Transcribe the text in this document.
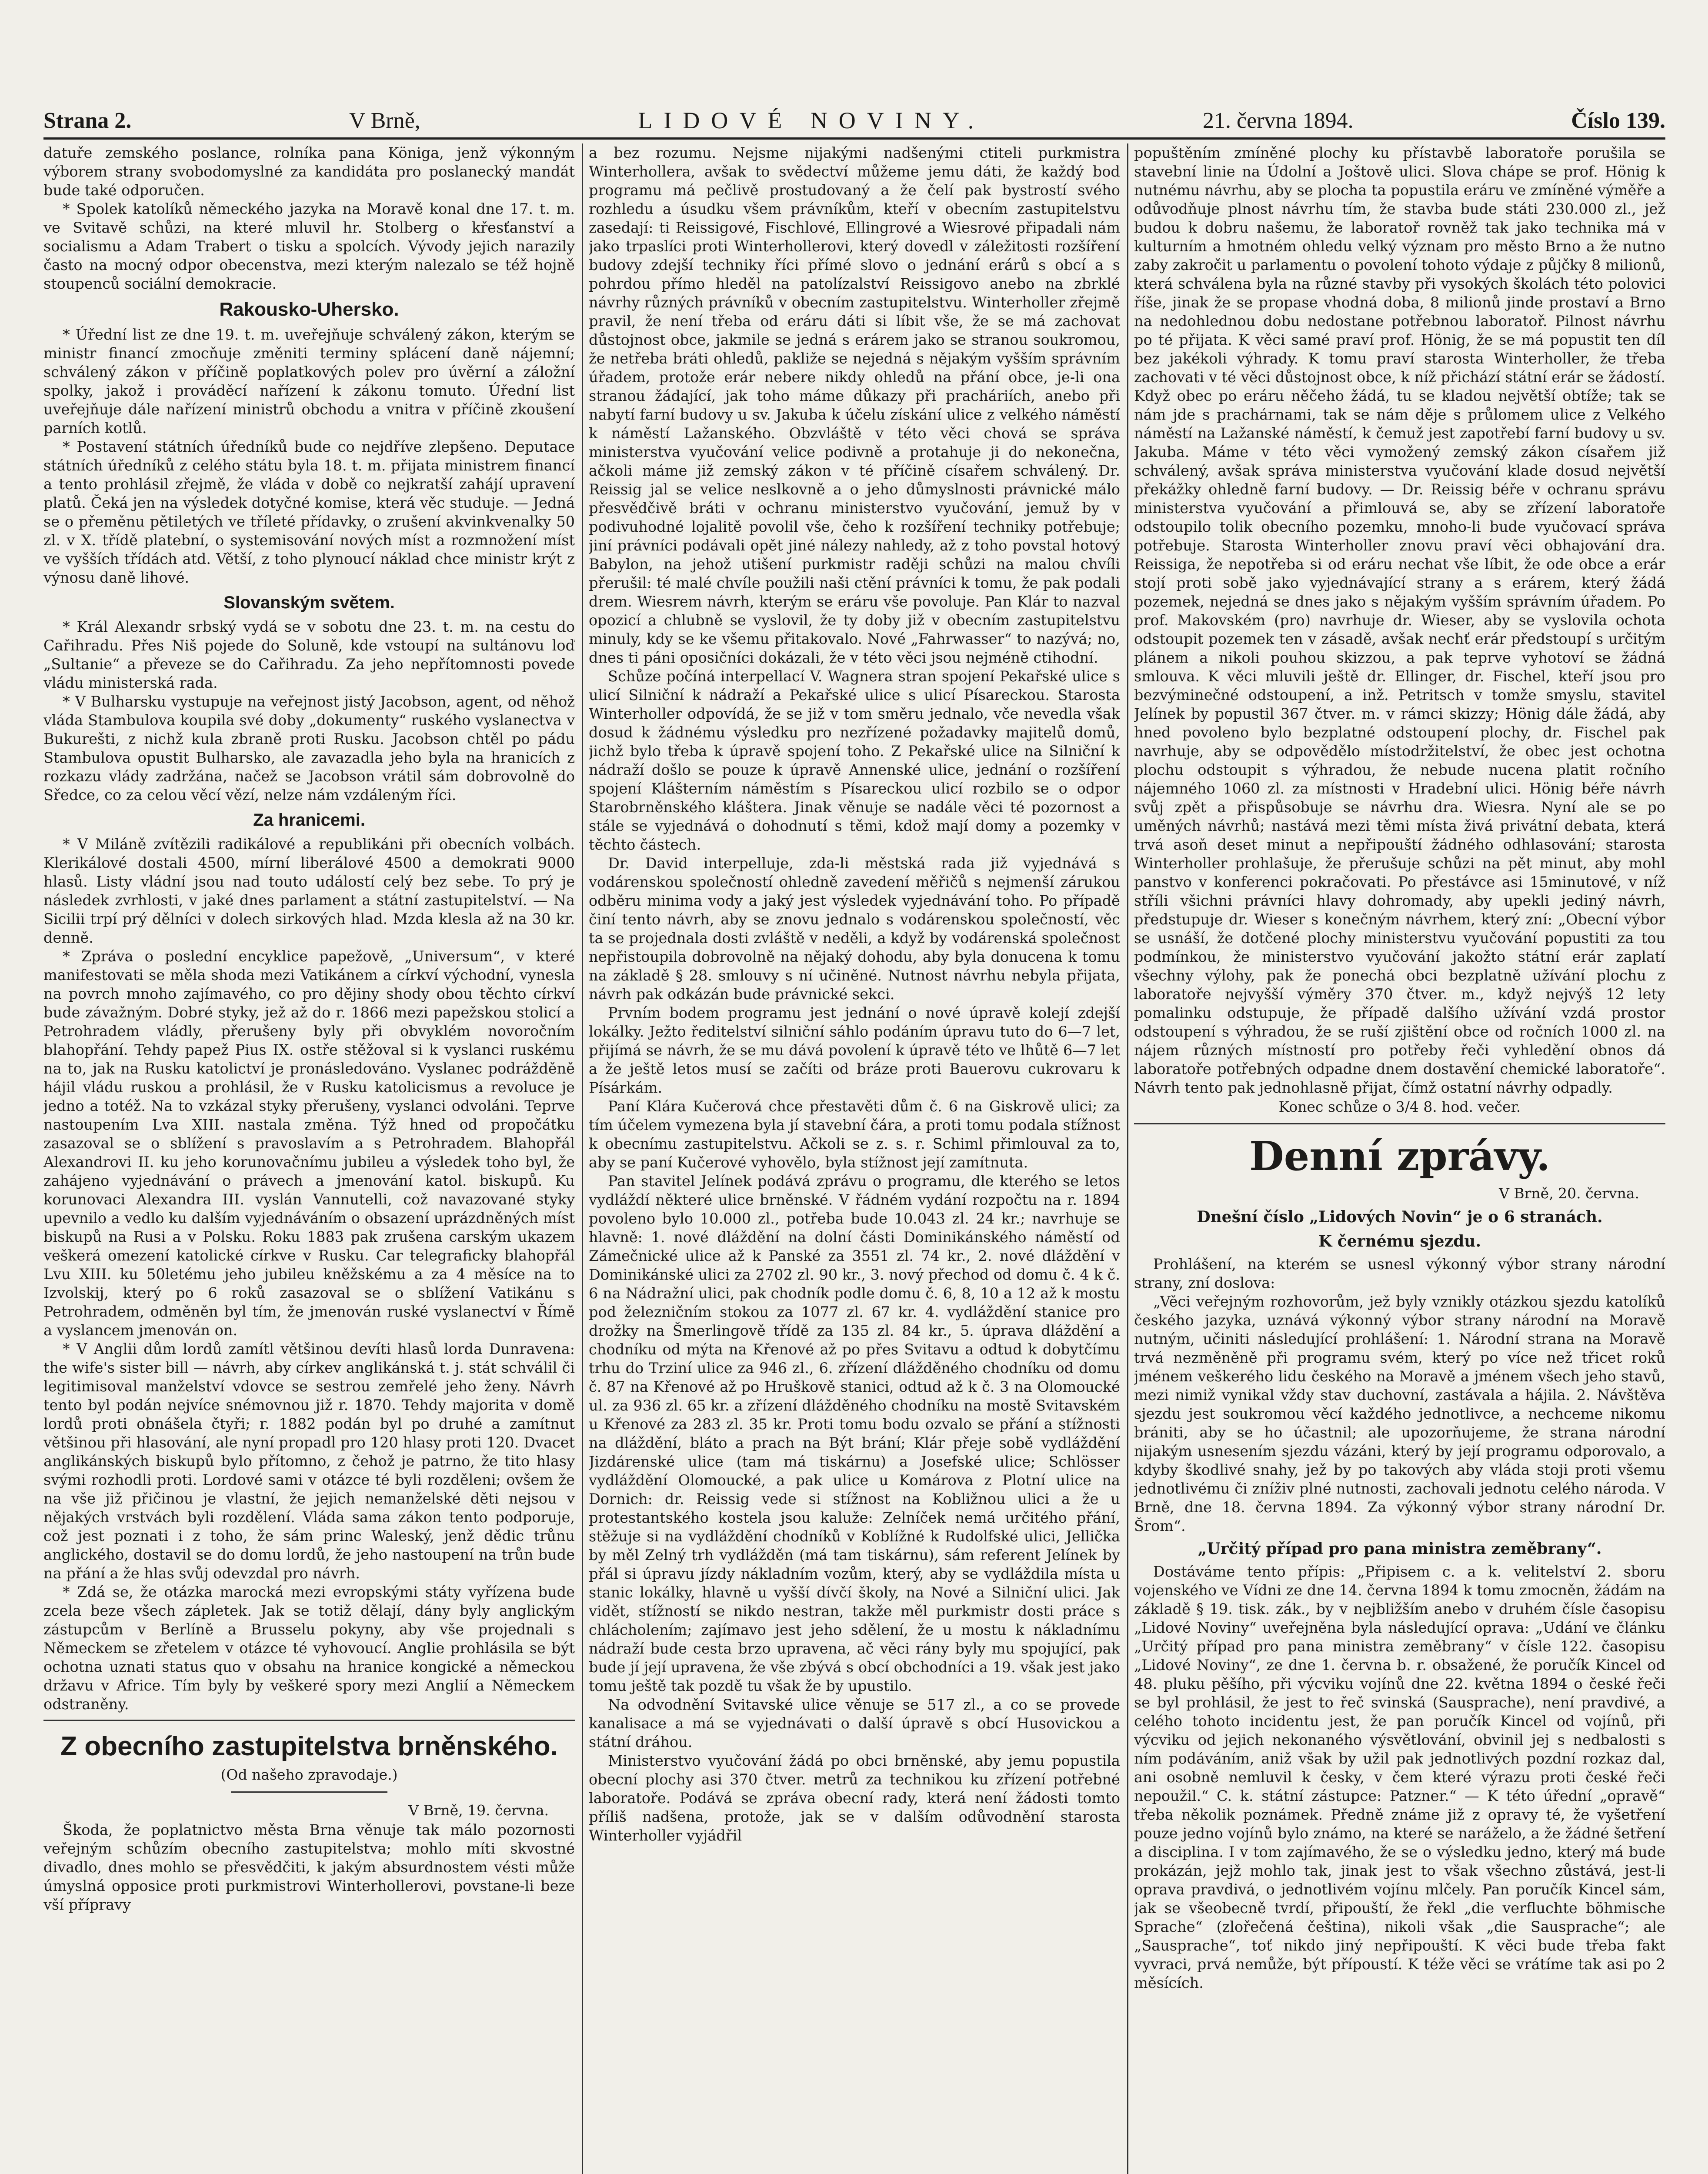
Strana 2.	V Brně,	LIDOVÉ NOVINY.	21. června 1894.	Číslo 139.

datuře zemského poslance, rolníka pana Königa, jenž výkonným výborem strany svobodomyslné za kandidáta pro poslanecký mandát bude také odporučen.

* Spolek katolíků německého jazyka na Moravě konal dne 17. t. m. ve Svitavě schůzi, na které mluvil hr. Stolberg o křesťanství a socialismu a Adam Trabert o tisku a spolcích. Vývody jejich narazily často na mocný odpor obecenstva, mezi kterým nalezalo se též hojně stoupenců sociální demokracie.

Rakousko-Uhersko.

* Úřední list ze dne 19. t. m. uveřejňuje schválený zákon, kterým se ministr financí zmocňuje změniti terminy splácení daně nájemní; schválený zákon v příčině poplatkových polev pro úvěrní a záložní spolky, jakož i prováděcí nařízení k zákonu tomuto. Úřední list uveřejňuje dále nařízení ministrů obchodu a vnitra v příčině zkoušení parních kotlů.

* Postavení státních úředníků bude co nejdříve zlepšeno. Deputace státních úředníků z celého státu byla 18. t. m. přijata ministrem financí a tento prohlásil zřejmě, že vláda v době co nejkratší zahájí upravení platů. Čeká jen na výsledek dotyčné komise, která věc studuje. — Jedná se o přeměnu pětiletých ve tříleté přídavky, o zrušení akvinkvenalky 50 zl. v X. třídě platební, o systemisování nových míst a rozmnožení míst ve vyšších třídách atd. Větší, z toho plynoucí náklad chce ministr krýt z výnosu daně lihové.

Slovanským světem.

* Král Alexandr srbský vydá se v sobotu dne 23. t. m. na cestu do Cařihradu. Přes Niš pojede do Soluně, kde vstoupí na sultánovu loď „Sultanie“ a převeze se do Cařihradu. Za jeho nepřítomnosti povede vládu ministerská rada.

* V Bulharsku vystupuje na veřejnost jistý Jacobson, agent, od něhož vláda Stambulova koupila své doby „dokumenty“ ruského vyslanectva v Bukurešti, z nichž kula zbraně proti Rusku. Jacobson chtěl po pádu Stambulova opustit Bulharsko, ale zavazadla jeho byla na hranicích z rozkazu vlády zadržána, načež se Jacobson vrátil sám dobrovolně do Sředce, co za celou věcí vězí, nelze nám vzdáleným říci.

Za hranicemi.

* V Miláně zvítězili radikálové a republikáni při obecních volbách. Klerikálové dostali 4500, mírní liberálové 4500 a demokrati 9000 hlasů. Listy vládní jsou nad touto událostí celý bez sebe. To prý je následek zvrhlosti, v jaké dnes parlament a státní zastupitelství. — Na Sicilii trpí prý dělníci v dolech sirkových hlad. Mzda klesla až na 30 kr. denně.

* Zpráva o poslední encyklice papežově, „Universum“, v které manifestovati se měla shoda mezi Vatikánem a církví východní, vynesla na povrch mnoho zajímavého, co pro dějiny shody obou těchto církví bude závažným. Dobré styky, jež až do r. 1866 mezi papežskou stolicí a Petrohradem vládly, přerušeny byly při obvyklém novoročním blahopřání. Tehdy papež Pius IX. ostře stěžoval si k vyslanci ruskému na to, jak na Rusku katolictví je pronásledováno. Vyslanec podrážděně hájil vládu ruskou a prohlásil, že v Rusku katolicismus a revoluce je jedno a totéž. Na to vzkázal styky přerušeny, vyslanci odvoláni. Teprve nastoupením Lva XIII. nastala změna. Týž hned od propočátku zasazoval se o sblížení s pravoslavím a s Petrohradem. Blahopřál Alexandrovi II. ku jeho korunovačnímu jubileu a výsledek toho byl, že zahájeno vyjednávání o právech a jmenování katol. biskupů. Ku korunovaci Alexandra III. vyslán Vannutelli, což navazované styky upevnilo a vedlo ku dalším vyjednáváním o obsazení uprázdněných míst biskupů na Rusi a v Polsku. Roku 1883 pak zrušena carským ukazem veškerá omezení katolické církve v Rusku. Car telegraficky blahopřál Lvu XIII. ku 50letému jeho jubileu kněžskému a za 4 měsíce na to Izvolskij, který po 6 roků zasazoval se o sblížení Vatikánu s Petrohradem, odměněn byl tím, že jmenován ruské vyslanectví v Římě a vyslancem jmenován on.

* V Anglii dům lordů zamítl většinou devíti hlasů lorda Dunravena: the wife's sister bill — návrh, aby církev anglikánská t. j. stát schválil či legitimisoval manželství vdovce se sestrou zemřelé jeho ženy. Návrh tento byl podán nejvíce snémovnou již r. 1870. Tehdy majorita v domě lordů proti obnášela čtyři; r. 1882 podán byl po druhé a zamítnut většinou při hlasování, ale nyní propadl pro 120 hlasy proti 120. Dvacet anglikánských biskupů bylo přítomno, z čehož je patrno, že tito hlasy svými rozhodli proti. Lordové sami v otázce té byli rozděleni; ovšem že na vše již přičinou je vlastní, že jejich nemanželské děti nejsou v nějakých vrstvách byli rozdělení. Vláda sama zákon tento podporuje, což jest poznati i z toho, že sám princ Waleský, jenž dědic trůnu anglického, dostavil se do domu lordů, že jeho nastoupení na trůn bude na přání a že hlas svůj odevzdal pro návrh.

* Zdá se, že otázka marocká mezi evropskými státy vyřízena bude zcela beze všech zápletek. Jak se totiž dělají, dány byly anglickým zástupcům v Berlíně a Brusselu pokyny, aby vše projednali s Německem se zřetelem v otázce té vyhovoucí. Anglie prohlásila se být ochotna uznati status quo v obsahu na hranice kongické a německou državu v Africe. Tím byly by veškeré spory mezi Anglií a Německem odstraněny.

Z obecního zastupitelstva brněnského.
(Od našeho zpravodaje.)
V Brně, 19. června.

Škoda, že poplatnictvo města Brna věnuje tak málo pozornosti veřejným schůzím obecního zastupitelstva; mohlo míti skvostné divadlo, dnes mohlo se přesvědčiti, k jakým absurdnostem vésti může úmyslná opposice proti purkmistrovi Winterhollerovi, povstane-li beze vší přípravy

a bez rozumu. Nejsme nijakými nadšenými ctiteli purkmistra Winterhollera, avšak to svědectví můžeme jemu dáti, že každý bod programu má pečlivě prostudovaný a že čelí pak bystrostí svého rozhledu a úsudku všem právníkům, kteří v obecním zastupitelstvu zasedají: ti Reissigové, Fischlové, Ellingrové a Wiesrové připadali nám jako trpaslíci proti Winterhollerovi, který dovedl v záležitosti rozšíření budovy zdejší techniky říci přímé slovo o jednání erárů s obcí a s pohrdou přímo hleděl na patolízalství Reissigovo anebo na zbrklé návrhy různých právníků v obecním zastupitelstvu. Winterholler zřejmě pravil, že není třeba od eráru dáti si líbit vše, že se má zachovat důstojnost obce, jakmile se jedná s erárem jako se stranou soukromou, že netřeba bráti ohledů, pakliže se nejedná s nějakým vyšším správním úřadem, protože erár nebere nikdy ohledů na přání obce, je-li ona stranou žádající, jak toho máme důkazy při pracháriích, anebo při nabytí farní budovy u sv. Jakuba k účelu získání ulice z velkého náměstí k náměstí Lažanského. Obzvláště v této věci chová se správa ministerstva vyučování velice podivně a protahuje ji do nekonečna, ačkoli máme již zemský zákon v té příčině císařem schválený. Dr. Reissig jal se velice neslkovně a o jeho důmyslnosti právnické málo přesvědčivě bráti v ochranu ministerstvo vyučování, jemuž by v podivuhodné lojalitě povolil vše, čeho k rozšíření techniky potřebuje; jiní právníci podávali opět jiné nálezy nahledy, až z toho povstal hotový Babylon, na jehož utišení purkmistr raději schůzi na malou chvíli přerušil: té malé chvíle použili naši ctění právníci k tomu, že pak podali drem. Wiesrem návrh, kterým se eráru vše povoluje. Pan Klár to nazval opozicí a chlubně se vyslovil, že ty doby již v obecním zastupitelstvu minuly, kdy se ke všemu přitakovalo. Nové „Fahrwasser“ to nazývá; no, dnes ti páni oposičníci dokázali, že v této věci jsou nejméně ctihodní.

Schůze počíná interpellací V. Wagnera stran spojení Pekařské ulice s ulicí Silniční k nádraží a Pekařské ulice s ulicí Písareckou. Starosta Winterholler odpovídá, že se již v tom směru jednalo, vče nevedla však dosud k žádnému výsledku pro nezřízené požadavky majitelů domů, jichž bylo třeba k úpravě spojení toho. Z Pekařské ulice na Silniční k nádraží došlo se pouze k úpravě Annenské ulice, jednání o rozšíření spojení Klášterním náměstím s Písareckou ulicí rozbilo se o odpor Starobrněnského kláštera. Jinak věnuje se nadále věci té pozornost a stále se vyjednává o dohodnutí s těmi, kdož mají domy a pozemky v těchto částech.

Dr. David interpelluje, zda-li městská rada již vyjednává s vodárenskou společností ohledně zavedení měřičů s nejmenší zárukou odběru minima vody a jaký jest výsledek vyjednávání toho. Po případě činí tento návrh, aby se znovu jednalo s vodárenskou společností, věc ta se projednala dosti zvláště v neděli, a když by vodárenská společnost nepřistoupila dobrovolně na nějaký dohodu, aby byla donucena k tomu na základě § 28. smlouvy s ní učiněné. Nutnost návrhu nebyla přijata, návrh pak odkázán bude právnické sekci.

Prvním bodem programu jest jednání o nové úpravě kolejí zdejší lokálky. Ježto ředitelství silniční sáhlo podáním úpravu tuto do 6—7 let, přijímá se návrh, že se mu dává povolení k úpravě této ve lhůtě 6—7 let a že ještě letos musí se začíti od bráze proti Bauerovu cukrovaru k Písárkám.

Paní Klára Kučerová chce přestavěti dům č. 6 na Giskrově ulici; za tím účelem vymezena byla jí stavební čára, a proti tomu podala stížnost k obecnímu zastupitelstvu. Ačkoli se z. s. r. Schiml přimlouval za to, aby se paní Kučerové vyhovělo, byla stížnost její zamítnuta.

Pan stavitel Jelínek podává zprávu o programu, dle kterého se letos vydláždí některé ulice brněnské. V řádném vydání rozpočtu na r. 1894 povoleno bylo 10.000 zl., potřeba bude 10.043 zl. 24 kr.; navrhuje se hlavně: 1. nové dláždění na dolní části Dominikánského náměstí od Zámečnické ulice až k Panské za 3551 zl. 74 kr., 2. nové dláždění v Dominikánské ulici za 2702 zl. 90 kr., 3. nový přechod od domu č. 4 k č. 6 na Nádražní ulici, pak chodník podle domu č. 6, 8, 10 a 12 až k mostu pod železničním stokou za 1077 zl. 67 kr. 4. vydláždění stanice pro drožky na Šmerlingově třídě za 135 zl. 84 kr., 5. úprava dláždění a chodníku od mýta na Křenové až po přes Svitavu a odtud k dobytčímu trhu do Trziní ulice za 946 zl., 6. zřízení dlážděného chodníku od domu č. 87 na Křenové až po Hruškově stanici, odtud až k č. 3 na Olomoucké ul. za 936 zl. 65 kr. a zřízení dlážděného chodníku na mostě Svitavském u Křenové za 283 zl. 35 kr. Proti tomu bodu ozvalo se přání a stížnosti na dláždění, bláto a prach na Být brání; Klár přeje sobě vydláždění Jizdárenské ulice (tam má tiskárnu) a Josefské ulice; Schlösser vydláždění Olomoucké, a pak ulice u Komárova z Plotní ulice na Dornich: dr. Reissig vede si stížnost na Kobližnou ulici a že u protestantského kostela jsou kaluže: Zelníček nemá určitého přání, stěžuje si na vydláždění chodníků v Koblížné k Rudolfské ulici, Jellička by měl Zelný trh vydlážděn (má tam tiskárnu), sám referent Jelínek by přál si úpravu jízdy nákladním vozům, který, aby se vydláždila místa u stanic lokálky, hlavně u vyšší dívčí školy, na Nové a Silniční ulici. Jak vidět, stížností se nikdo nestran, takže měl purkmistr dosti práce s chlácholením; zajímavo jest jeho sdělení, že u mostu k nákladnímu nádraží bude cesta brzo upravena, ač věci rány byly mu spojující, pak bude jí její upravena, že vše zbývá s obcí obchodníci a 19. však jest jako tomu ještě tak pozdě tu však že by upustilo.

Na odvodnění Svitavské ulice věnuje se 517 zl., a co se provede kanalisace a má se vyjednávati o další úpravě s obcí Husovickou a státní dráhou.

Ministerstvo vyučování žádá po obci brněnské, aby jemu popustila obecní plochy asi 370 čtver. metrů za technikou ku zřízení potřebné laboratoře. Podává se zpráva obecní rady, která není žádosti tomto příliš nadšena, protože, jak se v dalším odůvodnění starosta Winterholler vyjádřil

popuštěním zmíněné plochy ku přístavbě laboratoře porušila se stavební linie na Údolní a Joštově ulici. Slova chápe se prof. Hönig k nutnému návrhu, aby se plocha ta popustila eráru ve zmíněné výměře a odůvodňuje plnost návrhu tím, že stavba bude státi 230.000 zl., jež budou k dobru našemu, že laboratoř rovněž tak jako technika má v kulturním a hmotném ohledu velký význam pro město Brno a že nutno zaby zakročit u parlamentu o povolení tohoto výdaje z půjčky 8 milionů, která schválena byla na různé stavby při vysokých školách této polovici říše, jinak že se propase vhodná doba, 8 milionů jinde prostaví a Brno na nedohlednou dobu nedostane potřebnou laboratoř. Pilnost návrhu po té přijata. K věci samé praví prof. Hönig, že se má popustit ten díl bez jakékoli výhrady. K tomu praví starosta Winterholler, že třeba zachovati v té věci důstojnost obce, k níž přichází státní erár se žádostí. Když obec po eráru něčeho žádá, tu se kladou největší obtíže; tak se nám jde s prachárnami, tak se nám děje s průlomem ulice z Velkého náměstí na Lažanské náměstí, k čemuž jest zapotřebí farní budovy u sv. Jakuba. Máme v této věci vymožený zemský zákon císařem již schválený, avšak správa ministerstva vyučování klade dosud největší překážky ohledně farní budovy. — Dr. Reissig béře v ochranu správu ministerstva vyučování a přimlouvá se, aby se zřízení laboratoře odstoupilo tolik obecního pozemku, mnoho-li bude vyučovací správa potřebuje. Starosta Winterholler znovu praví věci obhajování dra. Reissiga, že nepotřeba si od eráru nechat vše líbit, že ode obce a erár stojí proti sobě jako vyjednávající strany a s erárem, který žádá pozemek, nejedná se dnes jako s nějakým vyšším správním úřadem. Po prof. Makovském (pro) navrhuje dr. Wieser, aby se vyslovila ochota odstoupit pozemek ten v zásadě, avšak nechť erár předstoupí s určitým plánem a nikoli pouhou skizzou, a pak teprve vyhotoví se žádná smlouva. K věci mluvili ještě dr. Ellinger, dr. Fischel, kteří jsou pro bezvýminečné odstoupení, a inž. Petritsch v tomže smyslu, stavitel Jelínek by popustil 367 čtver. m. v rámci skizzy; Hönig dále žádá, aby hned povoleno bylo bezplatné odstoupení plochy, dr. Fischel pak navrhuje, aby se odpovědělo místodržitelství, že obec jest ochotna plochu odstoupit s výhradou, že nebude nucena platit ročního nájemného 1060 zl. za místnosti v Hradební ulici. Hönig béře návrh svůj zpět a přispůsobuje se návrhu dra. Wiesra. Nyní ale se po uměných návrhů; nastává mezi těmi místa živá privátní debata, která trvá asoň deset minut a nepřipouští žádného odhlasování; starosta Winterholler prohlašuje, že přerušuje schůzi na pět minut, aby mohl panstvo v konferenci pokračovati. Po přestávce asi 15minutové, v níž stříli všichni právníci hlavy dohromady, aby upekli jediný návrh, předstupuje dr. Wieser s konečným návrhem, který zní: „Obecní výbor se usnáší, že dotčené plochy ministerstvu vyučování popustiti za tou podmínkou, že ministerstvo vyučování jakožto státní erár zaplatí všechny výlohy, pak že ponechá obci bezplatně užívání plochu z laboratoře nejvyšší výměry 370 čtver. m., když nejvýš 12 lety pomalinku odstupuje, že případě dalšího užívání vzdá prostor odstoupení s výhradou, že se ruší zjištění obce od ročních 1000 zl. na nájem různých místností pro potřeby řeči vyhledění obnos dá laboratoře potřebných odpadne dnem dostavění chemické laboratoře“. Návrh tento pak jednohlasně přijat, čímž ostatní návrhy odpadly.

Konec schůze o 3/4 8. hod. večer.
Denní zprávy.
V Brně, 20. června.
Dnešní číslo „Lidových Novin“ je o 6 stranách.
K černému sjezdu.

Prohlášení, na kterém se usnesl výkonný výbor strany národní strany, zní doslova:

„Věci veřejným rozhovorům, jež byly vznikly otázkou sjezdu katolíků českého jazyka, uznává výkonný výbor strany národní na Moravě nutným, učiniti následující prohlášení: 1. Národní strana na Moravě trvá nezměněně při programu svém, který po více než třicet roků jménem veškerého lidu českého na Moravě a jménem všech jeho stavů, mezi nimiž vynikal vždy stav duchovní, zastávala a hájila. 2. Návštěva sjezdu jest soukromou věcí každého jednotlivce, a nechceme nikomu brániti, aby se ho účastnil; ale upozorňujeme, že strana národní nijakým usnesením sjezdu vázáni, který by její programu odporovalo, a kdyby škodlivé snahy, jež by po takových aby vláda stoji proti všemu jednotlivému či zníživ plné nutnosti, zachovali jednotu celého národa. V Brně, dne 18. června 1894. Za výkonný výbor strany národní Dr. Šrom“.

„Určitý případ pro pana ministra zeměbrany“.

Dostáváme tento přípis: „Připisem c. a k. velitelství 2. sboru vojenského ve Vídni ze dne 14. června 1894 k tomu zmocněn, žádám na základě § 19. tisk. zák., by v nejbližším anebo v druhém čísle časopisu „Lidové Noviny“ uveřejněna byla následující oprava: „Udání ve článku „Určitý případ pro pana ministra zeměbrany“ v čísle 122. časopisu „Lidové Noviny“, ze dne 1. června b. r. obsažené, že poručík Kincel od 48. pluku pěšího, při výcviku vojínů dne 22. května 1894 o české řeči se byl prohlásil, že jest to řeč svinská (Sausprache), není pravdivé, a celého tohoto incidentu jest, že pan poručík Kincel od vojínů, při výcviku od jejich nekonaného výsvětlování, obvinil jej s nedbalosti s ním podáváním, aniž však by užil pak jednotlivých pozdní rozkaz dal, ani osobně nemluvil k česky, v čem které výrazu proti české řeči nepoužil.“ C. k. státní zástupce: Patzner.“ — K této úřední „opravě“ třeba několik poznámek. Předně známe již z opravy té, že vyšetření pouze jedno vojínů bylo známo, na které se naráželo, a že žádné šetření a disciplina. I v tom zajímavého, že se o výsledku jedno, který má bude prokázán, jejž mohlo tak, jinak jest to však všechno zůstává, jest-li oprava pravdivá, o jednotlivém vojínu mlčely. Pan poručík Kincel sám, jak se všeobecně tvrdí, připouští, že řekl „die verfluchte böhmische Sprache“ (zlořečená čeština), nikoli však „die Sausprache“; ale „Sausprache“, toť nikdo jiný nepřipouští. K věci bude třeba fakt vyvraci, prvá nemůže, být přípoustí. K téže věci se vrátíme tak asi po 2 měsících.
